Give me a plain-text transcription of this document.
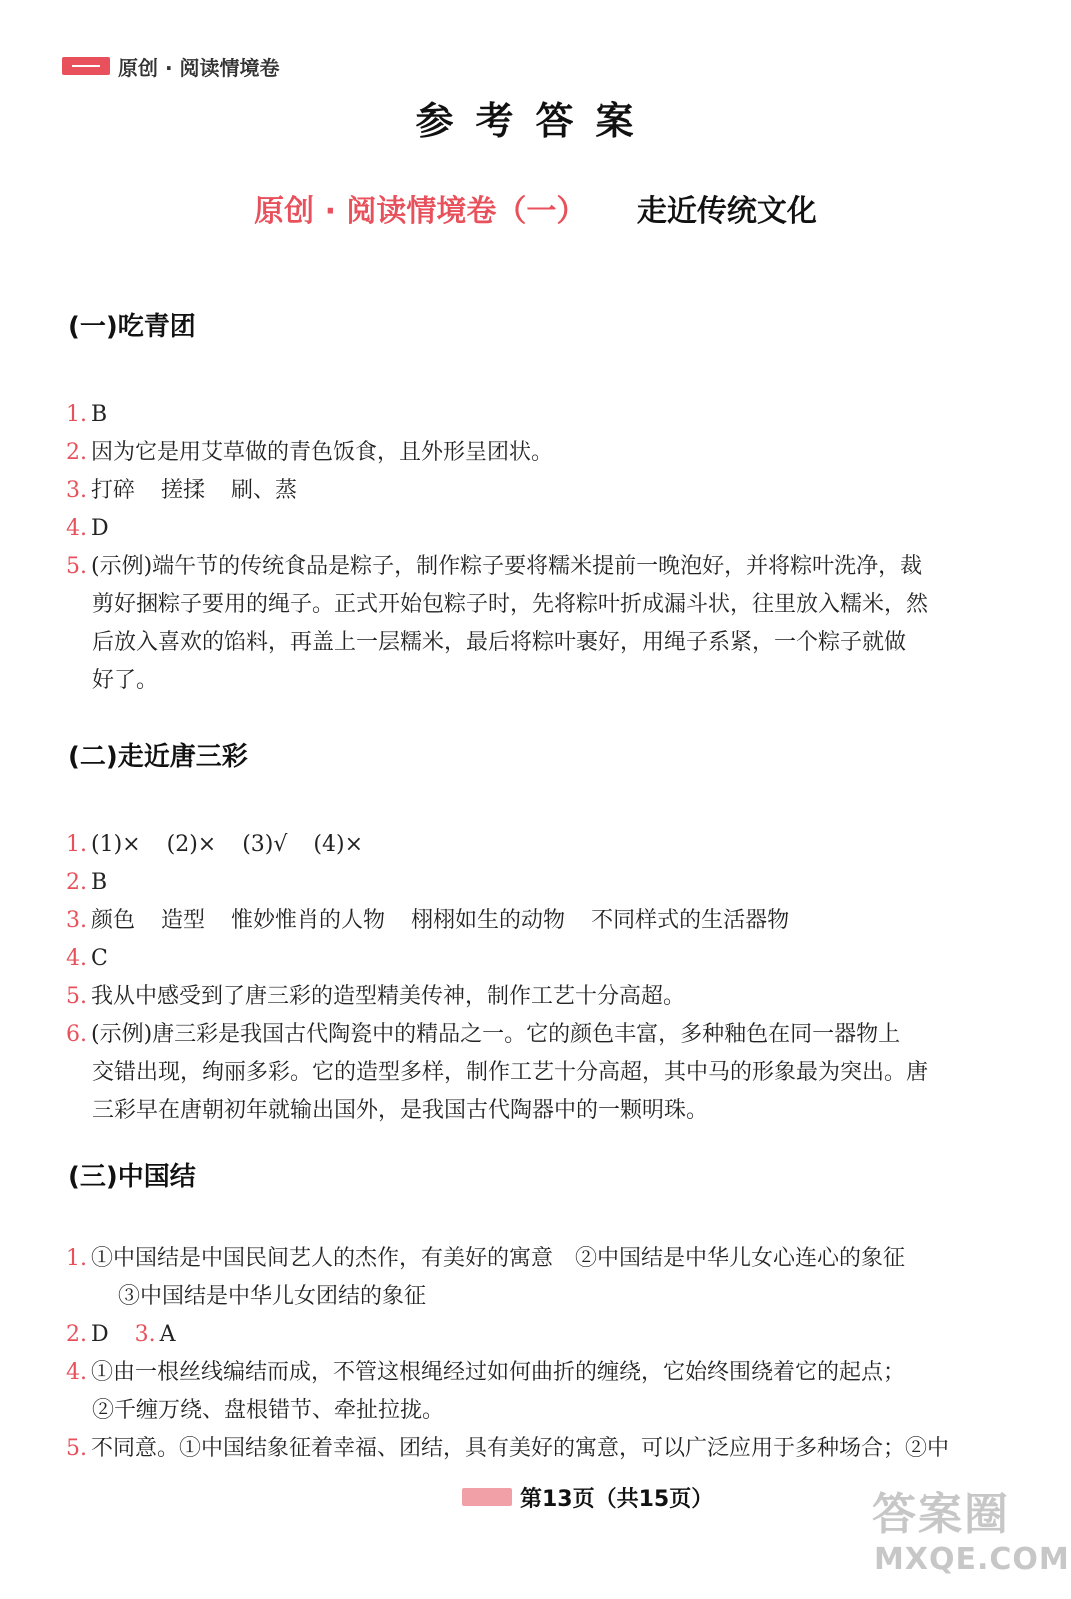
原创 · 阅读情境卷
参考答案
原创 · 阅读情境卷（一） 走近传统文化
(一)吃青团
1. B
2. 因为它是用艾草做的青色饭食，且外形呈团状。
3. 打碎 搓揉 刷、蒸
4. D
5. (示例)端午节的传统食品是粽子，制作粽子要将糯米提前一晚泡好，并将粽叶洗净，裁
剪好捆粽子要用的绳子。正式开始包粽子时，先将粽叶折成漏斗状，往里放入糯米，然
后放入喜欢的馅料，再盖上一层糯米，最后将粽叶裹好，用绳子系紧，一个粽子就做
好了。
(二)走近唐三彩
1. (1)× (2)× (3)√ (4)×
2. B
3. 颜色 造型 惟妙惟肖的人物 栩栩如生的动物 不同样式的生活器物
4. C
5. 我从中感受到了唐三彩的造型精美传神，制作工艺十分高超。
6. (示例)唐三彩是我国古代陶瓷中的精品之一。它的颜色丰富，多种釉色在同一器物上
交错出现，绚丽多彩。它的造型多样，制作工艺十分高超，其中马的形象最为突出。唐
三彩早在唐朝初年就输出国外，是我国古代陶器中的一颗明珠。
(三)中国结
1. ①中国结是中国民间艺人的杰作，有美好的寓意　②中国结是中华儿女心连心的象征
③中国结是中华儿女团结的象征
2. D 3. A
4. ①由一根丝线编结而成，不管这根绳经过如何曲折的缠绕，它始终围绕着它的起点；
②千缠万绕、盘根错节、牵扯拉拢。
5. 不同意。①中国结象征着幸福、团结，具有美好的寓意，可以广泛应用于多种场合；②中
第13页（共15页）	答案圈
MXQE.COM
